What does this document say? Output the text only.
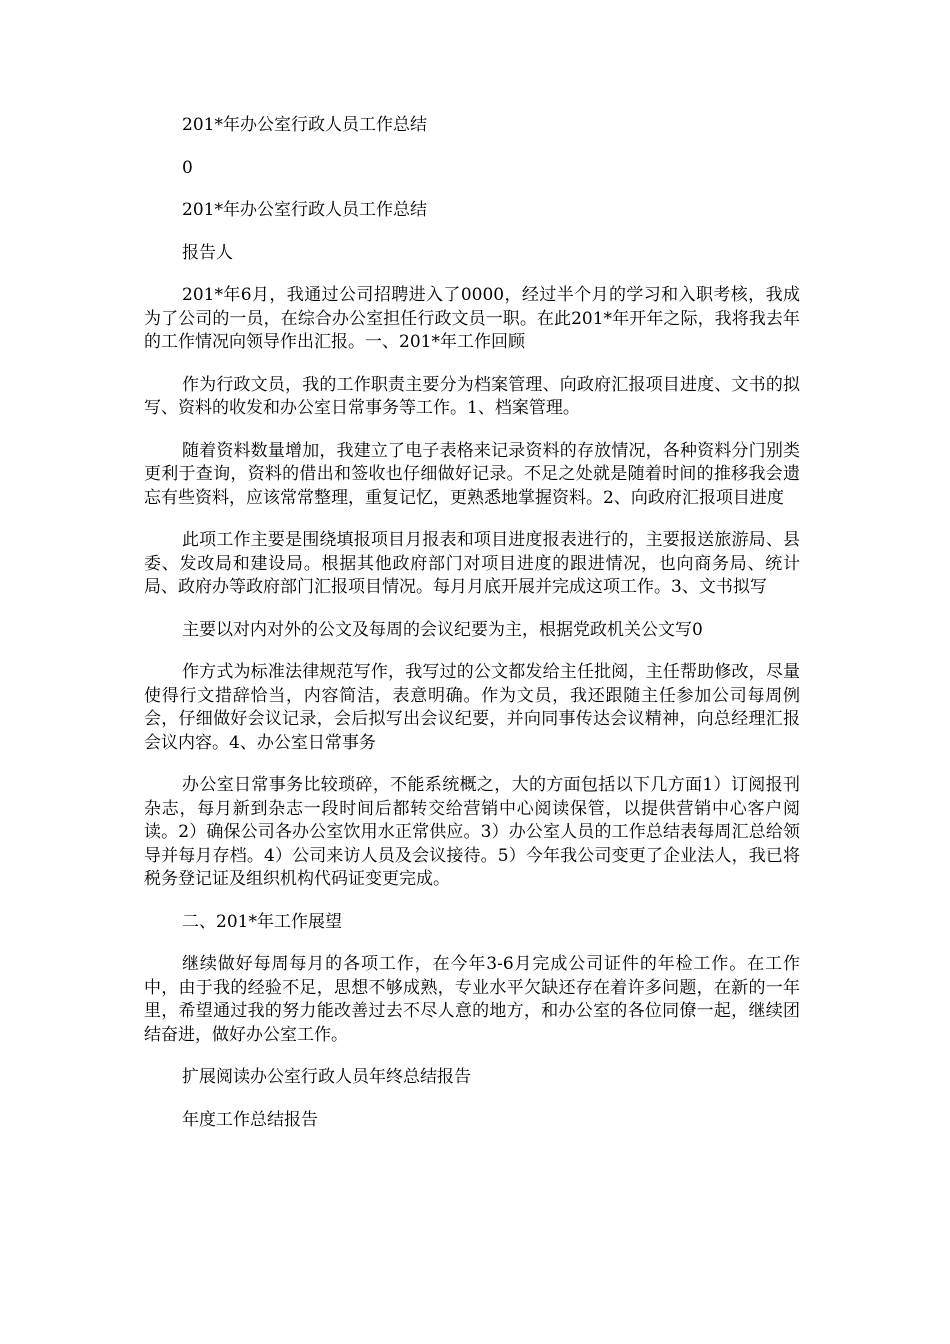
201*年办公室行政人员工作总结

0

201*年办公室行政人员工作总结

报告人

201*年6月，我通过公司招聘进入了0000，经过半个月的学习和入职考核，我成为了公司的一员，在综合办公室担任行政文员一职。在此201*年开年之际，我将我去年的工作情况向领导作出汇报。一、201*年工作回顾

作为行政文员，我的工作职责主要分为档案管理、向政府汇报项目进度、文书的拟写、资料的收发和办公室日常事务等工作。1、档案管理。

随着资料数量增加，我建立了电子表格来记录资料的存放情况，各种资料分门别类更利于查询，资料的借出和签收也仔细做好记录。不足之处就是随着时间的推移我会遗忘有些资料，应该常常整理，重复记忆，更熟悉地掌握资料。2、向政府汇报项目进度

此项工作主要是围绕填报项目月报表和项目进度报表进行的，主要报送旅游局、县委、发改局和建设局。根据其他政府部门对项目进度的跟进情况，也向商务局、统计局、政府办等政府部门汇报项目情况。每月月底开展并完成这项工作。3、文书拟写

主要以对内对外的公文及每周的会议纪要为主，根据党政机关公文写0

作方式为标准法律规范写作，我写过的公文都发给主任批阅，主任帮助修改，尽量使得行文措辞恰当，内容简洁，表意明确。作为文员，我还跟随主任参加公司每周例会，仔细做好会议记录，会后拟写出会议纪要，并向同事传达会议精神，向总经理汇报会议内容。4、办公室日常事务

办公室日常事务比较琐碎，不能系统概之，大的方面包括以下几方面1）订阅报刊杂志，每月新到杂志一段时间后都转交给营销中心阅读保管，以提供营销中心客户阅读。2）确保公司各办公室饮用水正常供应。3）办公室人员的工作总结表每周汇总给领导并每月存档。4）公司来访人员及会议接待。5）今年我公司变更了企业法人，我已将税务登记证及组织机构代码证变更完成。

二、201*年工作展望

继续做好每周每月的各项工作，在今年3-6月完成公司证件的年检工作。在工作中，由于我的经验不足，思想不够成熟，专业水平欠缺还存在着许多问题，在新的一年里，希望通过我的努力能改善过去不尽人意的地方，和办公室的各位同僚一起，继续团结奋进，做好办公室工作。

扩展阅读办公室行政人员年终总结报告

年度工作总结报告
